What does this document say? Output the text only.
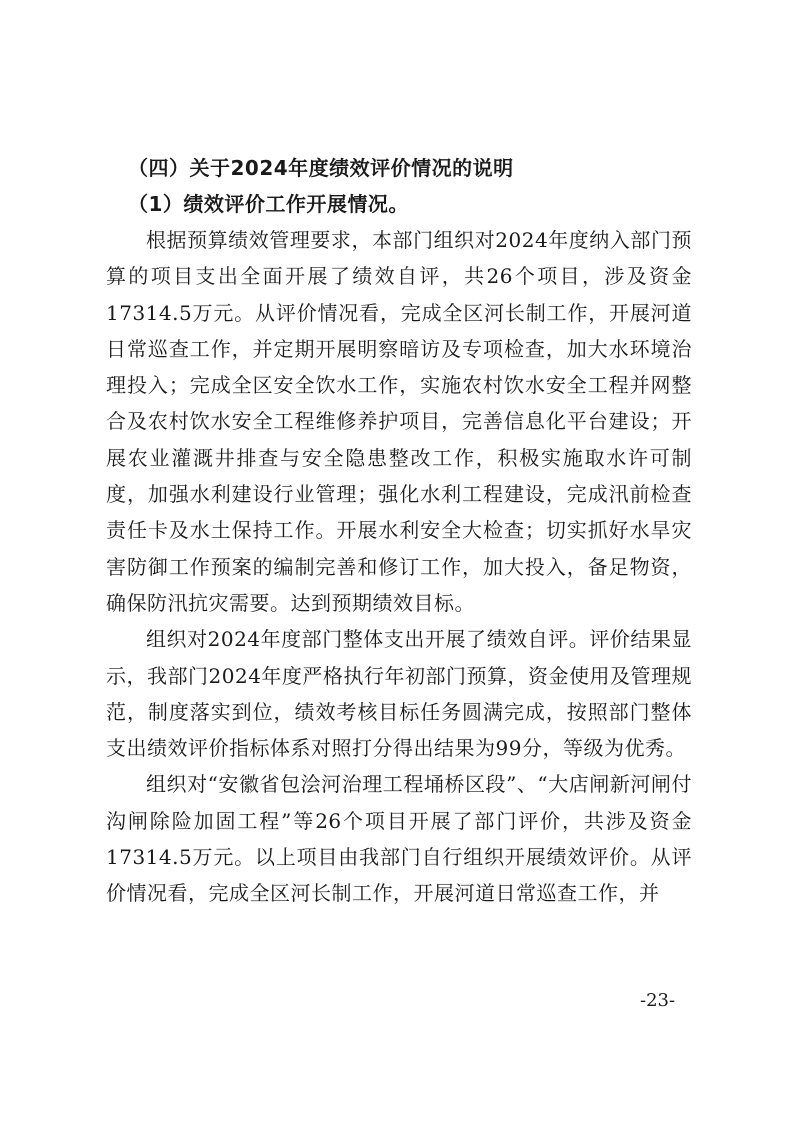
（四）关于2024年度绩效评价情况的说明

（1）绩效评价工作开展情况。

根据预算绩效管理要求，本部门组织对2024年度纳入部门预算的项目支出全面开展了绩效自评，共26个项目，涉及资金17314.5万元。从评价情况看，完成全区河长制工作，开展河道日常巡查工作，并定期开展明察暗访及专项检查，加大水环境治理投入；完成全区安全饮水工作，实施农村饮水安全工程并网整合及农村饮水安全工程维修养护项目，完善信息化平台建设；开展农业灌溉井排查与安全隐患整改工作，积极实施取水许可制度，加强水利建设行业管理；强化水利工程建设，完成汛前检查责任卡及水土保持工作。开展水利安全大检查；切实抓好水旱灾害防御工作预案的编制完善和修订工作，加大投入，备足物资，确保防汛抗灾需要。达到预期绩效目标。

组织对2024年度部门整体支出开展了绩效自评。评价结果显示，我部门2024年度严格执行年初部门预算，资金使用及管理规范，制度落实到位，绩效考核目标任务圆满完成，按照部门整体支出绩效评价指标体系对照打分得出结果为99分，等级为优秀。

组织对“安徽省包浍河治理工程埇桥区段”、“大店闸新河闸付沟闸除险加固工程”等26个项目开展了部门评价，共涉及资金17314.5万元。以上项目由我部门自行组织开展绩效评价。从评价情况看，完成全区河长制工作，开展河道日常巡查工作，并

-23-
